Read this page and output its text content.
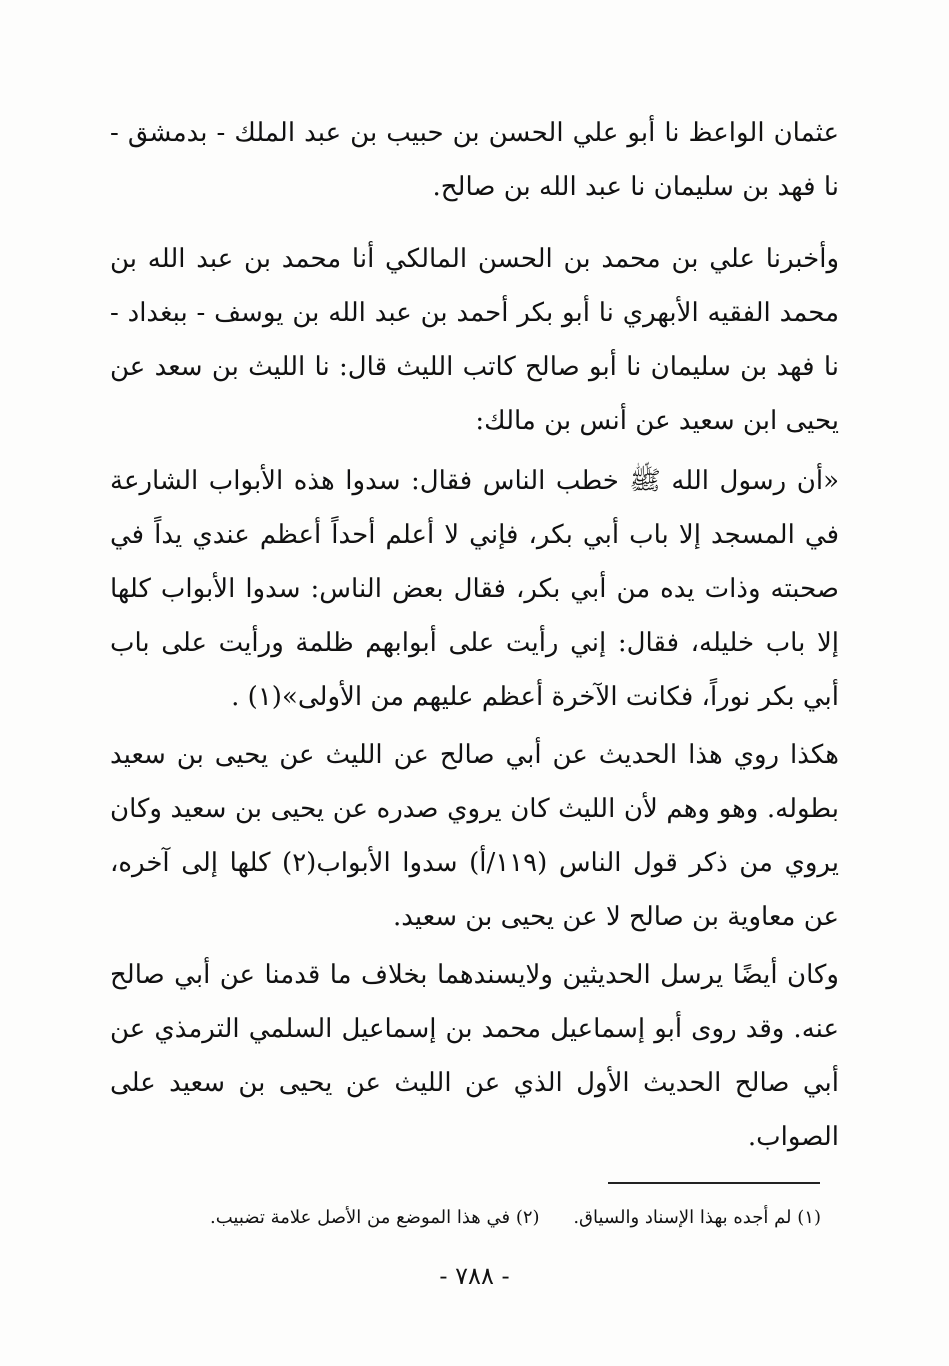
عثمان الواعظ نا أبو علي الحسن بن حبيب بن عبد الملك - بدمشق - نا فهد بن سليمان نا عبد الله بن صالح.

وأخبرنا علي بن محمد بن الحسن المالكي أنا محمد بن عبد الله بن محمد الفقيه الأبهري نا أبو بكر أحمد بن عبد الله بن يوسف - ببغداد - نا فهد بن سليمان نا أبو صالح كاتب الليث قال: نا الليث بن سعد عن يحيى ابن سعيد عن أنس بن مالك:

«أن رسول الله ﷺ خطب الناس فقال: سدوا هذه الأبواب الشارعة في المسجد إلا باب أبي بكر، فإني لا أعلم أحداً أعظم عندي يداً في صحبته وذات يده من أبي بكر، فقال بعض الناس: سدوا الأبواب كلها إلا باب خليله، فقال: إني رأيت على أبوابهم ظلمة ورأيت على باب أبي بكر نوراً، فكانت الآخرة أعظم عليهم من الأولى»(١) .

هكذا روي هذا الحديث عن أبي صالح عن الليث عن يحيى بن سعيد بطوله. وهو وهم لأن الليث كان يروي صدره عن يحيى بن سعيد وكان يروي من ذكر قول الناس (١١٩/أ) سدوا الأبواب(٢) كلها إلى آخره، عن معاوية بن صالح لا عن يحيى بن سعيد.

وكان أيضًا يرسل الحديثين ولايسندهما بخلاف ما قدمنا عن أبي صالح عنه. وقد روى أبو إسماعيل محمد بن إسماعيل السلمي الترمذي عن أبي صالح الحديث الأول الذي عن الليث عن يحيى بن سعيد على الصواب.

(١) لم أجده بهذا الإسناد والسياق. (٢) في هذا الموضع من الأصل علامة تضبيب.
- ٧٨٨ -
